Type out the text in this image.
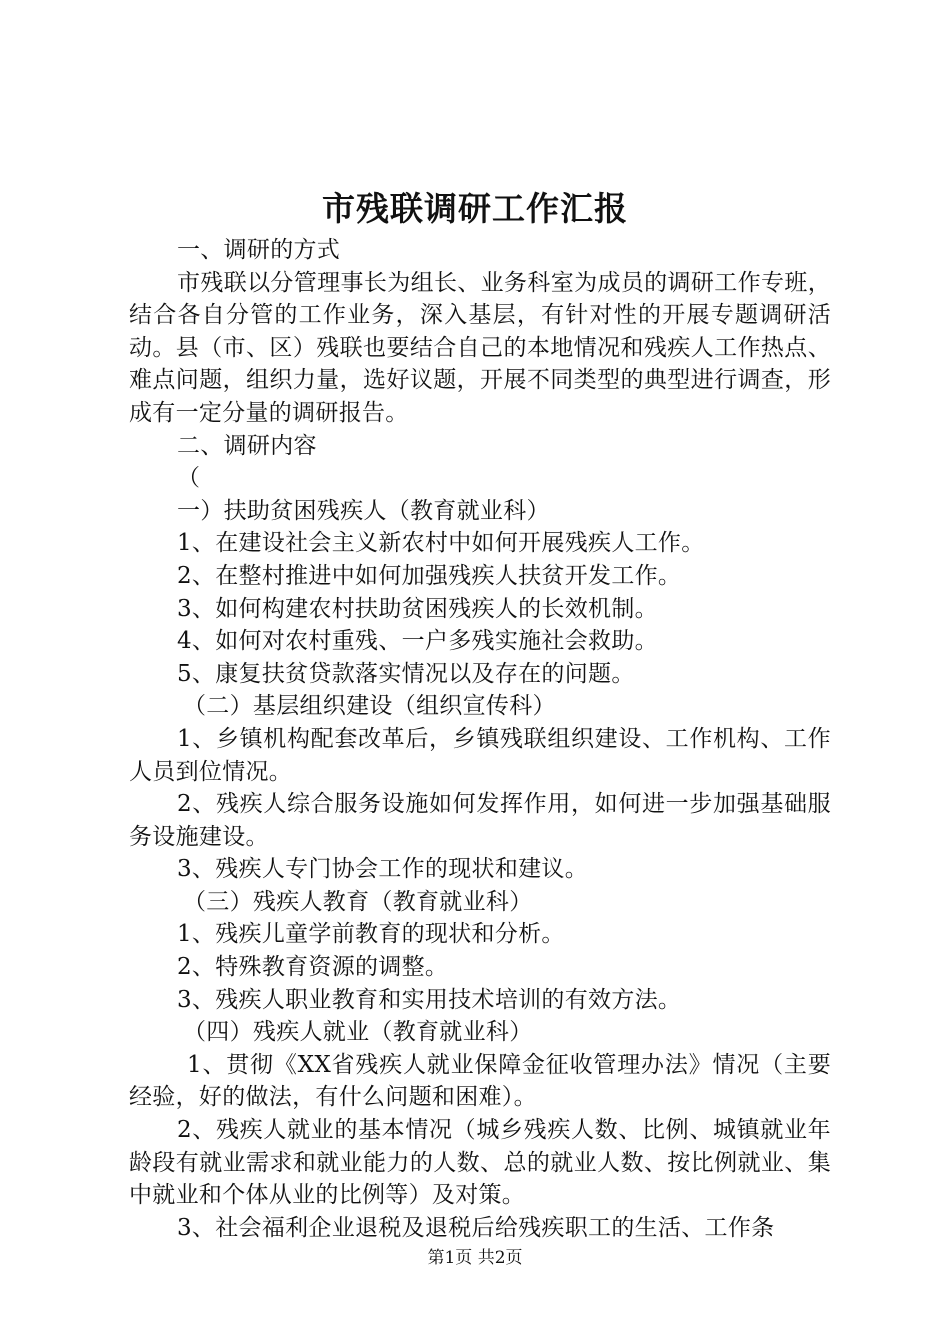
市残联调研工作汇报

一、调研的方式

市残联以分管理事长为组长、业务科室为成员的调研工作专班，结合各自分管的工作业务，深入基层，有针对性的开展专题调研活动。县（市、区）残联也要结合自己的本地情况和残疾人工作热点、难点问题，组织力量，选好议题，开展不同类型的典型进行调查，形成有一定分量的调研报告。

二、调研内容

（

一）扶助贫困残疾人（教育就业科）

1、在建设社会主义新农村中如何开展残疾人工作。

2、在整村推进中如何加强残疾人扶贫开发工作。

3、如何构建农村扶助贫困残疾人的长效机制。

4、如何对农村重残、一户多残实施社会救助。

5、康复扶贫贷款落实情况以及存在的问题。

（二）基层组织建设（组织宣传科）

1、乡镇机构配套改革后，乡镇残联组织建设、工作机构、工作人员到位情况。

2、残疾人综合服务设施如何发挥作用，如何进一步加强基础服务设施建设。

3、残疾人专门协会工作的现状和建议。

（三）残疾人教育（教育就业科）

1、残疾儿童学前教育的现状和分析。

2、特殊教育资源的调整。

3、残疾人职业教育和实用技术培训的有效方法。

（四）残疾人就业（教育就业科）

1、贯彻《XX省残疾人就业保障金征收管理办法》情况（主要经验，好的做法，有什么问题和困难）。

2、残疾人就业的基本情况（城乡残疾人数、比例、城镇就业年龄段有就业需求和就业能力的人数、总的就业人数、按比例就业、集中就业和个体从业的比例等）及对策。

3、社会福利企业退税及退税后给残疾职工的生活、工作条

第1页 共2页
